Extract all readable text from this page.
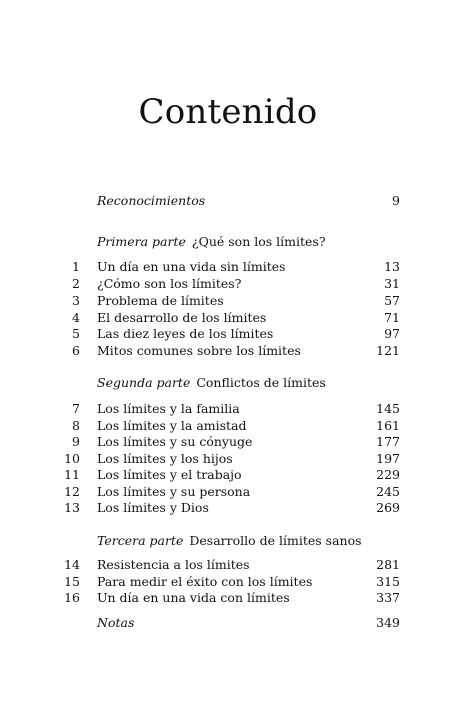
Contenido
Reconocimientos	9
Primera parte ¿Qué son los límites?
1 Un día en una vida sin límites	13
2 ¿Cómo son los límites?	31
3 Problema de límites	57
4 El desarrollo de los límites	71
5 Las diez leyes de los límites	97
6 Mitos comunes sobre los límites	121
Segunda parte Conflictos de límites
7 Los límites y la familia	145
8 Los límites y la amistad	161
9 Los límites y su cónyuge	177
10 Los límites y los hijos	197
11 Los límites y el trabajo	229
12 Los límites y su persona	245
13 Los límites y Dios	269
Tercera parte Desarrollo de límites sanos
14 Resistencia a los límites	281
15 Para medir el éxito con los límites	315
16 Un día en una vida con límites	337
Notas	349
